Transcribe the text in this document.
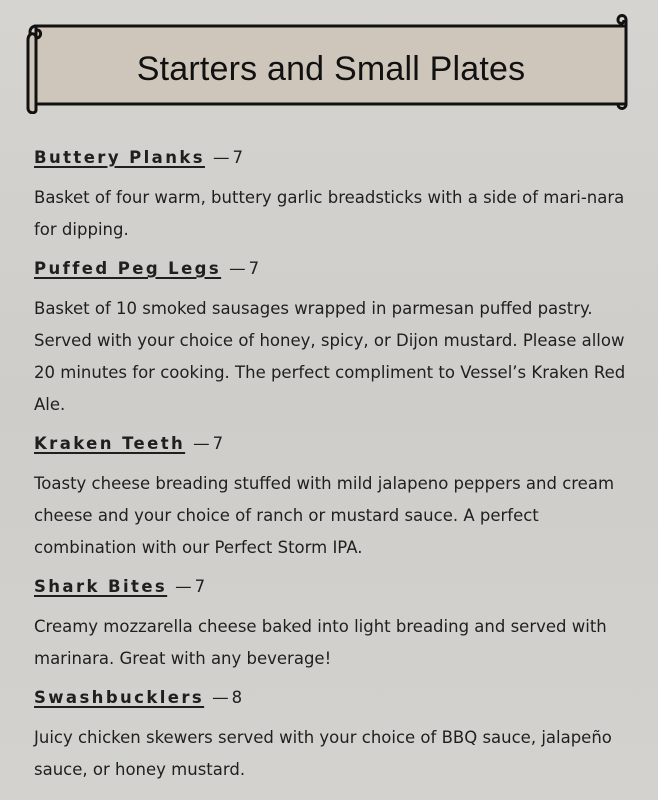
Starters and Small Plates
Buttery Planks — 7

Basket of four warm, buttery garlic breadsticks with a side of mari-nara for dipping.

Puffed Peg Legs — 7

Basket of 10 smoked sausages wrapped in parmesan puffed pastry. Served with your choice of honey, spicy, or Dijon mustard. Please allow 20 minutes for cooking. The perfect compliment to Vessel’s Kraken Red Ale.

Kraken Teeth — 7

Toasty cheese breading stuffed with mild jalapeno peppers and cream cheese and your choice of ranch or mustard sauce. A perfect combination with our Perfect Storm IPA.

Shark Bites — 7

Creamy mozzarella cheese baked into light breading and served with marinara. Great with any beverage!

Swashbucklers — 8

Juicy chicken skewers served with your choice of BBQ sauce, jalapeño sauce, or honey mustard.
